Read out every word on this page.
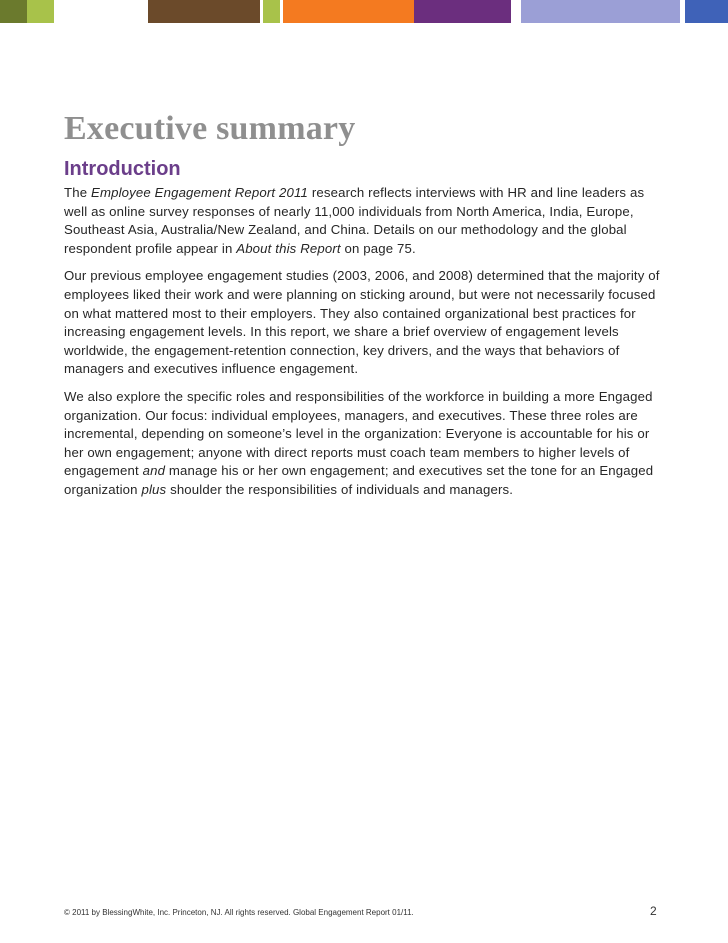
Executive summary
Introduction

The Employee Engagement Report 2011 research reflects interviews with HR and line leaders as well as online survey responses of nearly 11,000 individuals from North America, India, Europe, Southeast Asia, Australia/New Zealand, and China. Details on our methodology and the global respondent profile appear in About this Report on page 75.

Our previous employee engagement studies (2003, 2006, and 2008) determined that the majority of employees liked their work and were planning on sticking around, but were not necessarily focused on what mattered most to their employers. They also contained organizational best practices for increasing engagement levels. In this report, we share a brief overview of engagement levels worldwide, the engagement-retention connection, key drivers, and the ways that behaviors of managers and executives influence engagement.

We also explore the specific roles and responsibilities of the workforce in building a more Engaged organization. Our focus: individual employees, managers, and executives. These three roles are incremental, depending on someone’s level in the organization: Everyone is accountable for his or her own engagement; anyone with direct reports must coach team members to higher levels of engagement and manage his or her own engagement; and executives set the tone for an Engaged organization plus shoulder the responsibilities of individuals and managers.

© 2011 by BlessingWhite, Inc. Princeton, NJ. All rights reserved. Global Engagement Report 01/11.	2
